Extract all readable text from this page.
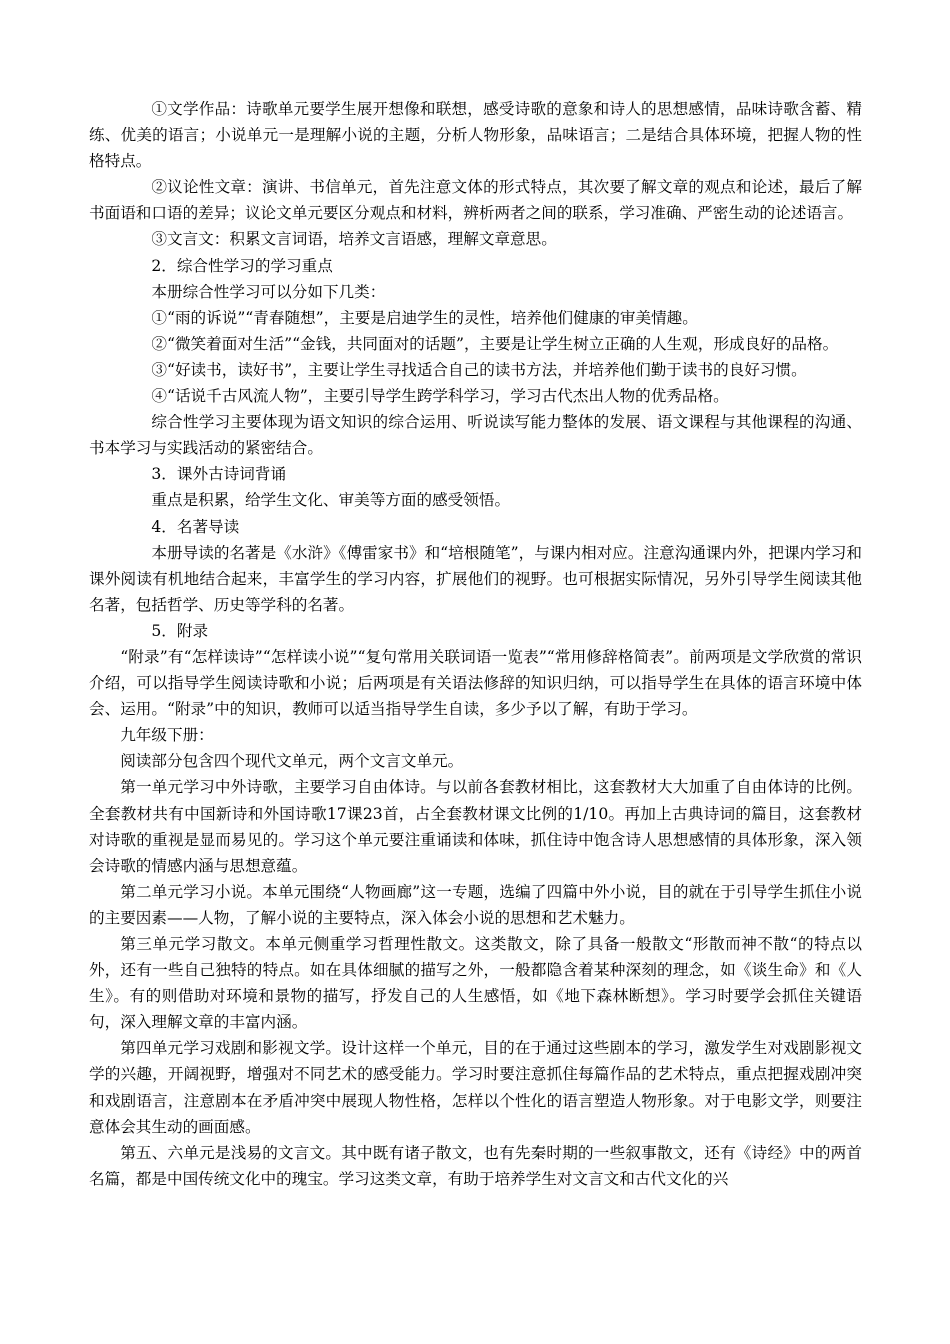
①文学作品：诗歌单元要学生展开想像和联想，感受诗歌的意象和诗人的思想感情，品味诗歌含蓄、精练、优美的语言；小说单元一是理解小说的主题，分析人物形象，品味语言；二是结合具体环境，把握人物的性格特点。

②议论性文章：演讲、书信单元，首先注意文体的形式特点，其次要了解文章的观点和论述，最后了解书面语和口语的差异；议论文单元要区分观点和材料，辨析两者之间的联系，学习准确、严密生动的论述语言。

③文言文：积累文言词语，培养文言语感，理解文章意思。

2．综合性学习的学习重点

本册综合性学习可以分如下几类：

①“雨的诉说”“青春随想”，主要是启迪学生的灵性，培养他们健康的审美情趣。

②“微笑着面对生活”“金钱，共同面对的话题”，主要是让学生树立正确的人生观，形成良好的品格。

③“好读书，读好书”，主要让学生寻找适合自己的读书方法，并培养他们勤于读书的良好习惯。

④“话说千古风流人物”，主要引导学生跨学科学习，学习古代杰出人物的优秀品格。

综合性学习主要体现为语文知识的综合运用、听说读写能力整体的发展、语文课程与其他课程的沟通、书本学习与实践活动的紧密结合。

3．课外古诗词背诵

重点是积累，给学生文化、审美等方面的感受领悟。

4．名著导读

本册导读的名著是《水浒》《傅雷家书》和“培根随笔”，与课内相对应。注意沟通课内外，把课内学习和课外阅读有机地结合起来，丰富学生的学习内容，扩展他们的视野。也可根据实际情况，另外引导学生阅读其他名著，包括哲学、历史等学科的名著。

5．附录

“附录”有“怎样读诗”“怎样读小说”“复句常用关联词语一览表”“常用修辞格简表”。前两项是文学欣赏的常识介绍，可以指导学生阅读诗歌和小说；后两项是有关语法修辞的知识归纳，可以指导学生在具体的语言环境中体会、运用。“附录”中的知识，教师可以适当指导学生自读，多少予以了解，有助于学习。

九年级下册：

阅读部分包含四个现代文单元，两个文言文单元。

第一单元学习中外诗歌，主要学习自由体诗。与以前各套教材相比，这套教材大大加重了自由体诗的比例。全套教材共有中国新诗和外国诗歌17课23首，占全套教材课文比例的1/10。再加上古典诗词的篇目，这套教材对诗歌的重视是显而易见的。学习这个单元要注重诵读和体味，抓住诗中饱含诗人思想感情的具体形象，深入领会诗歌的情感内涵与思想意蕴。

第二单元学习小说。本单元围绕“人物画廊”这一专题，选编了四篇中外小说，目的就在于引导学生抓住小说的主要因素——人物，了解小说的主要特点，深入体会小说的思想和艺术魅力。

第三单元学习散文。本单元侧重学习哲理性散文。这类散文，除了具备一般散文“形散而神不散“的特点以外，还有一些自己独特的特点。如在具体细腻的描写之外，一般都隐含着某种深刻的理念，如《谈生命》和《人生》。有的则借助对环境和景物的描写，抒发自己的人生感悟，如《地下森林断想》。学习时要学会抓住关键语句，深入理解文章的丰富内涵。

第四单元学习戏剧和影视文学。设计这样一个单元，目的在于通过这些剧本的学习，激发学生对戏剧影视文学的兴趣，开阔视野，增强对不同艺术的感受能力。学习时要注意抓住每篇作品的艺术特点，重点把握戏剧冲突和戏剧语言，注意剧本在矛盾冲突中展现人物性格，怎样以个性化的语言塑造人物形象。对于电影文学，则要注意体会其生动的画面感。

第五、六单元是浅易的文言文。其中既有诸子散文，也有先秦时期的一些叙事散文，还有《诗经》中的两首名篇，都是中国传统文化中的瑰宝。学习这类文章，有助于培养学生对文言文和古代文化的兴
